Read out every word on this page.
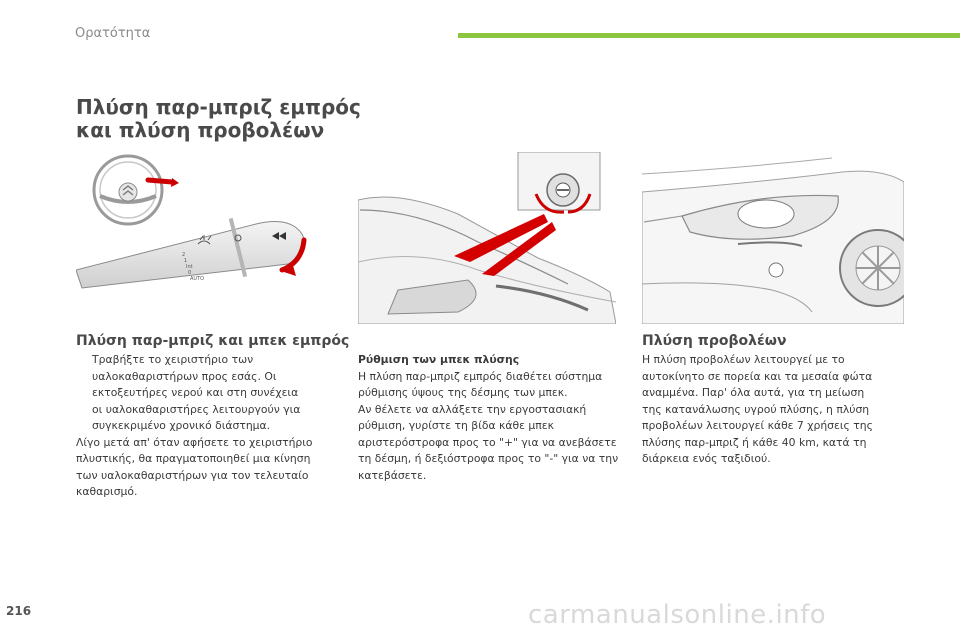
Ορατότητα
Πλύση παρ-μπριζ εμπρός
και πλύση προβολέων
2
1
Int
0
AUTO
Πλύση παρ-μπριζ και μπεκ εμπρός

Τραβήξτε το χειριστήριο των

υαλοκαθαριστήρων προς εσάς. Οι

εκτοξευτήρες νερού και στη συνέχεια

οι υαλοκαθαριστήρες λειτουργούν για

συγκεκριμένο χρονικό διάστημα.

Λίγο μετά απ' όταν αφήσετε το χειριστήριο

πλυστικής, θα πραγματοποιηθεί μια κίνηση

των υαλοκαθαριστήρων για τον τελευταίο

καθαρισμό.

Ρύθμιση των μπεκ πλύσης

Η πλύση παρ-μπριζ εμπρός διαθέτει σύστημα

ρύθμισης ύψους της δέσμης των μπεκ.

Αν θέλετε να αλλάξετε την εργοστασιακή

ρύθμιση, γυρίστε τη βίδα κάθε μπεκ

αριστερόστροφα προς το "+" για να ανεβάσετε

τη δέσμη, ή δεξιόστροφα προς το "-" για να την

κατεβάσετε.

Πλύση προβολέων

Η πλύση προβολέων λειτουργεί με το

αυτοκίνητο σε πορεία και τα μεσαία φώτα

αναμμένα. Παρ' όλα αυτά, για τη μείωση

της κατανάλωσης υγρού πλύσης, η πλύση

προβολέων λειτουργεί κάθε 7 χρήσεις της

πλύσης παρ-μπριζ ή κάθε 40 km, κατά τη

διάρκεια ενός ταξιδιού.

216	carmanualsonline.info
